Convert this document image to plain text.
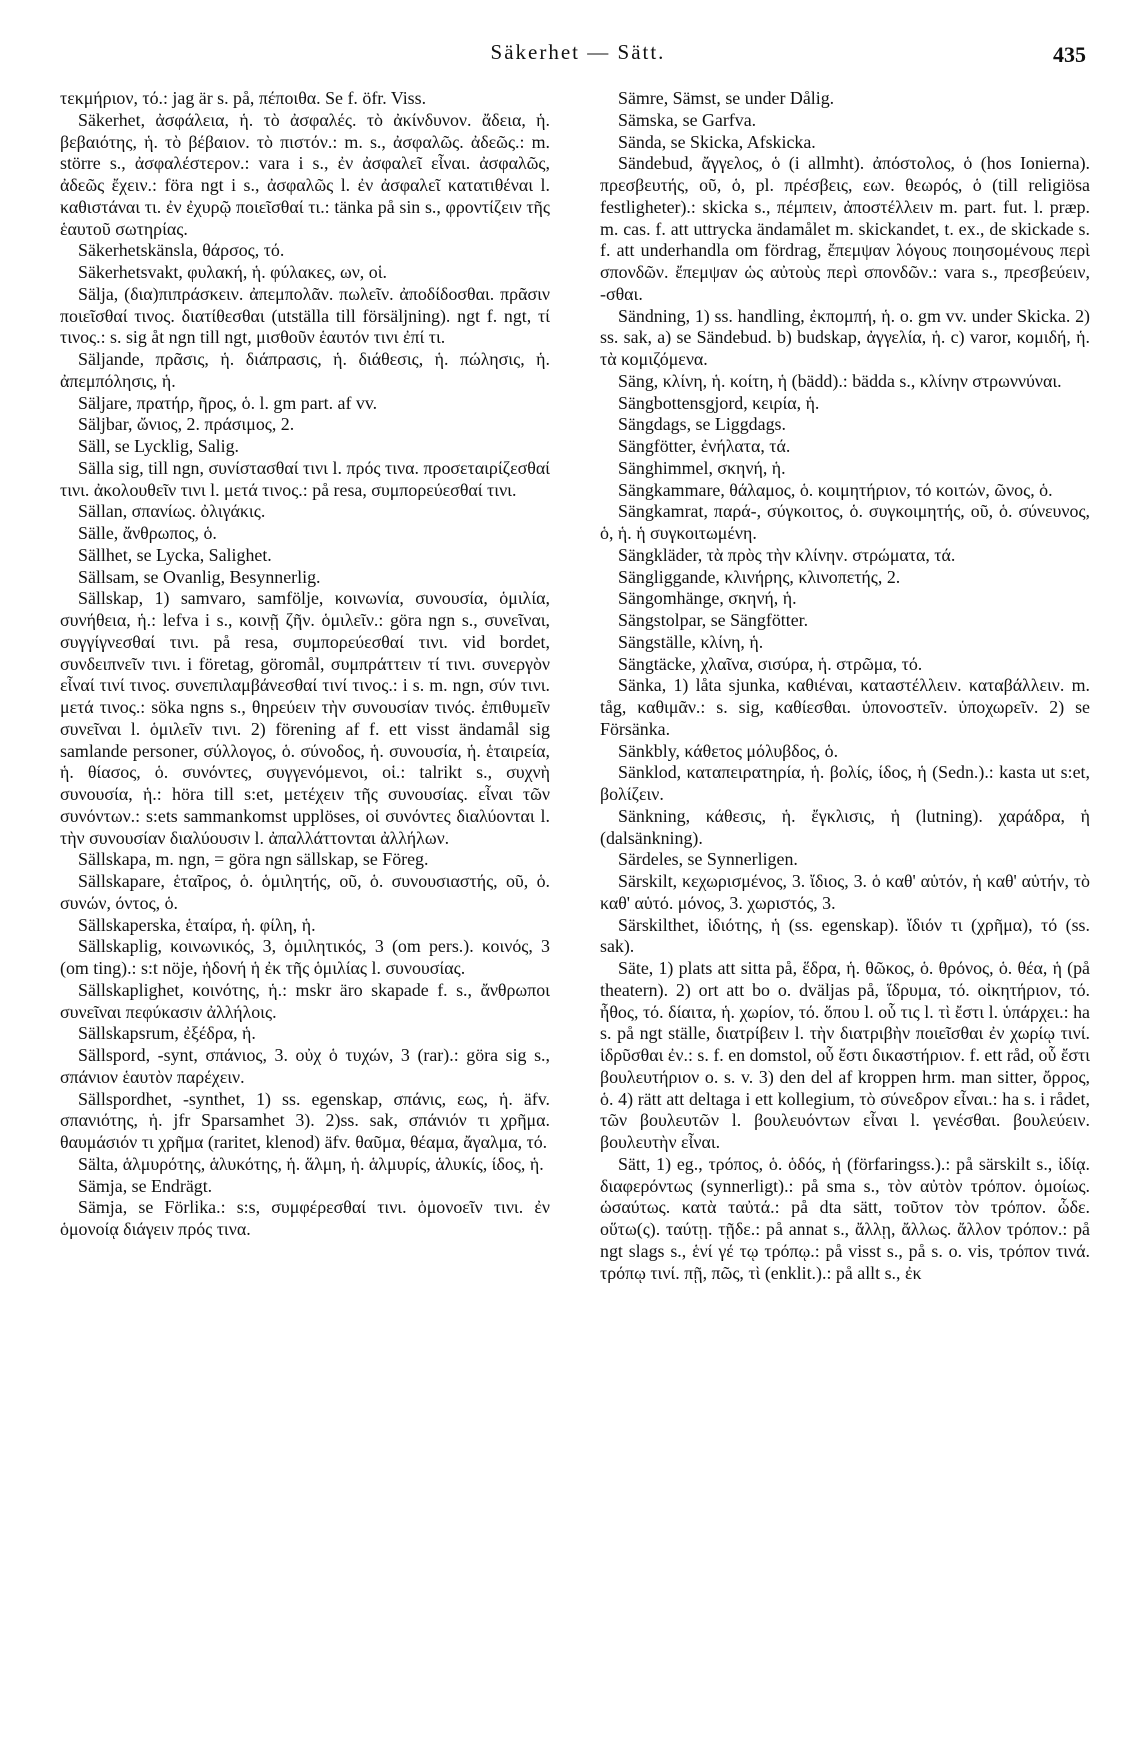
Säkerhet — Sätt.	435

τεκμήριον, τό.: jag är s. på, πέποιθα. Se f. öfr. Viss.

Säkerhet, ἀσφάλεια, ἡ. τὸ ἀσφαλές. τὸ ἀκίνδυνον. ἄδεια, ἡ. βεβαιότης, ἡ. τὸ βέβαιον. τὸ πιστόν.: m. s., ἀσφαλῶς. ἀδεῶς.: m. större s., ἀσφαλέστερον.: vara i s., ἐν ἀσφαλεῖ εἶναι. ἀσφαλῶς, ἀδεῶς ἔχειν.: föra ngt i s., ἀσφαλῶς l. ἐν ἀσφαλεῖ κατατιθέναι l. καθιστάναι τι. ἐν ἐχυρῷ ποιεῖσθαί τι.: tänka på sin s., φροντίζειν τῆς ἑαυτοῦ σωτηρίας.

Säkerhetskänsla, θάρσος, τό.

Säkerhetsvakt, φυλακή, ἡ. φύλακες, ων, οἱ.

Sälja, (δια)πιπράσκειν. ἀπεμπολᾶν. πωλεῖν. ἀποδίδοσθαι. πρᾶσιν ποιεῖσθαί τινος. διατίθεσθαι (utställa till försäljning). ngt f. ngt, τί τινος.: s. sig åt ngn till ngt, μισθοῦν ἑαυτόν τινι ἐπί τι.

Säljande, πρᾶσις, ἡ. διάπρασις, ἡ. διάθεσις, ἡ. πώλησις, ἡ. ἀπεμπόλησις, ἡ.

Säljare, πρατήρ, ῆρος, ὁ. l. gm part. af vv.

Säljbar, ὤνιος, 2. πράσιμος, 2.

Säll, se Lycklig, Salig.

Sälla sig, till ngn, συνίστασθαί τινι l. πρός τινα. προσεταιρίζεσθαί τινι. ἀκολουθεῖν τινι l. μετά τινος.: på resa, συμπορεύεσθαί τινι.

Sällan, σπανίως. ὀλιγάκις.

Sälle, ἄνθρωπος, ὁ.

Sällhet, se Lycka, Salighet.

Sällsam, se Ovanlig, Besynnerlig.

Sällskap, 1) samvaro, samfölje, κοινωνία, συνουσία, ὁμιλία, συνήθεια, ἡ.: lefva i s., κοινῇ ζῆν. ὁμιλεῖν.: göra ngn s., συνεῖναι, συγγίγνεσθαί τινι. på resa, συμπορεύεσθαί τινι. vid bordet, συνδειπνεῖν τινι. i företag, göromål, συμπράττειν τί τινι. συνεργὸν εἶναί τινί τινος. συνεπιλαμβάνεσθαί τινί τινος.: i s. m. ngn, σύν τινι. μετά τινος.: söka ngns s., θηρεύειν τὴν συνουσίαν τινός. ἐπιθυμεῖν συνεῖναι l. ὁμιλεῖν τινι. 2) förening af f. ett visst ändamål sig samlande personer, σύλλογος, ὁ. σύνοδος, ἡ. συνουσία, ἡ. ἑταιρεία, ἡ. θίασος, ὁ. συνόντες, συγγενόμενοι, οἱ.: talrikt s., συχνὴ συνουσία, ἡ.: höra till s:et, μετέχειν τῆς συνουσίας. εἶναι τῶν συνόντων.: s:ets sammankomst upplöses, οἱ συνόντες διαλύονται l. τὴν συνουσίαν διαλύουσιν l. ἀπαλλάττονται ἀλλήλων.

Sällskapa, m. ngn, = göra ngn sällskap, se Föreg.

Sällskapare, ἑταῖρος, ὁ. ὁμιλητής, οῦ, ὁ. συνουσιαστής, οῦ, ὁ. συνών, όντος, ὁ.

Sällskaperska, ἑταίρα, ἡ. φίλη, ἡ.

Sällskaplig, κοινωνικός, 3, ὁμιλητικός, 3 (om pers.). κοινός, 3 (om ting).: s:t nöje, ἡδονή ἡ ἐκ τῆς ὁμιλίας l. συνουσίας.

Sällskaplighet, κοινότης, ἡ.: mskr äro skapade f. s., ἄνθρωποι συνεῖναι πεφύκασιν ἀλλήλοις.

Sällskapsrum, ἐξέδρα, ἡ.

Sällspord, -synt, σπάνιος, 3. οὐχ ὁ τυχών, 3 (rar).: göra sig s., σπάνιον ἑαυτὸν παρέχειν.

Sällspordhet, -synthet, 1) ss. egenskap, σπάνις, εως, ἡ. äfv. σπανιότης, ἡ. jfr Sparsamhet 3). 2)ss. sak, σπάνιόν τι χρῆμα. θαυμάσιόν τι χρῆμα (raritet, klenod) äfv. θαῦμα, θέαμα, ἄγαλμα, τό.

Sälta, ἁλμυρότης, ἁλυκότης, ἡ. ἅλμη, ἡ. ἁλμυρίς, ἁλυκίς, ίδος, ἡ.

Sämja, se Endrägt.

Sämja, se Förlika.: s:s, συμφέρεσθαί τινι. ὁμονοεῖν τινι. ἐν ὁμονοίᾳ διάγειν πρός τινα.

Sämre, Sämst, se under Dålig.

Sämska, se Garfva.

Sända, se Skicka, Afskicka.

Sändebud, ἄγγελος, ὁ (i allmht). ἀπόστολος, ὁ (hos Ionierna). πρεσβευτής, οῦ, ὁ, pl. πρέσβεις, εων. θεωρός, ὁ (till religiösa festligheter).: skicka s., πέμπειν, ἀποστέλλειν m. part. fut. l. præp. m. cas. f. att uttrycka ändamålet m. skickandet, t. ex., de skickade s. f. att underhandla om fördrag, ἔπεμψαν λόγους ποιησομένους περὶ σπονδῶν. ἔπεμψαν ὡς αὐτοὺς περὶ σπονδῶν.: vara s., πρεσβεύειν, -σθαι.

Sändning, 1) ss. handling, ἐκπομπή, ἡ. o. gm vv. under Skicka. 2) ss. sak, a) se Sändebud. b) budskap, ἀγγελία, ἡ. c) varor, κομιδή, ἡ. τὰ κομιζόμενα.

Säng, κλίνη, ἡ. κοίτη, ἡ (bädd).: bädda s., κλίνην στρωννύναι.

Sängbottensgjord, κειρία, ἡ.

Sängdags, se Liggdags.

Sängfötter, ἐνήλατα, τά.

Sänghimmel, σκηνή, ἡ.

Sängkammare, θάλαμος, ὁ. κοιμητήριον, τό κοιτών, ῶνος, ὁ.

Sängkamrat, παρά-, σύγκοιτος, ὁ. συγκοιμητής, οῦ, ὁ. σύνευνος, ὁ, ἡ. ἡ συγκοιτωμένη.

Sängkläder, τὰ πρὸς τὴν κλίνην. στρώματα, τά.

Sängliggande, κλινήρης, κλινοπετής, 2.

Sängomhänge, σκηνή, ἡ.

Sängstolpar, se Sängfötter.

Sängställe, κλίνη, ἡ.

Sängtäcke, χλαῖνα, σισύρα, ἡ. στρῶμα, τό.

Sänka, 1) låta sjunka, καθιέναι, καταστέλλειν. καταβάλλειν. m. tåg, καθιμᾶν.: s. sig, καθίεσθαι. ὑπονοστεῖν. ὑποχωρεῖν. 2) se Försänka.

Sänkbly, κάθετος μόλυβδος, ὁ.

Sänklod, καταπειρατηρία, ἡ. βολίς, ίδος, ἡ (Sedn.).: kasta ut s:et, βολίζειν.

Sänkning, κάθεσις, ἡ. ἔγκλισις, ἡ (lutning). χαράδρα, ἡ (dalsänkning).

Särdeles, se Synnerligen.

Särskilt, κεχωρισμένος, 3. ἴδιος, 3. ὁ καθ' αὑτόν, ἡ καθ' αὑτήν, τὸ καθ' αὑτό. μόνος, 3. χωριστός, 3.

Särskilthet, ἰδιότης, ἡ (ss. egenskap). ἴδιόν τι (χρῆμα), τό (ss. sak).

Säte, 1) plats att sitta på, ἕδρα, ἡ. θῶκος, ὁ. θρόνος, ὁ. θέα, ἡ (på theatern). 2) ort att bo o. dväljas på, ἵδρυμα, τό. οἰκητήριον, τό. ἦθος, τό. δίαιτα, ἡ. χωρίον, τό. ὅπου l. οὗ τις l. τὶ ἔστι l. ὑπάρχει.: ha s. på ngt ställe, διατρίβειν l. τὴν διατριβὴν ποιεῖσθαι ἐν χωρίῳ τινί. ἱδρῦσθαι ἐν.: s. f. en domstol, οὗ ἔστι δικαστήριον. f. ett råd, οὗ ἔστι βουλευτήριον o. s. v. 3) den del af kroppen hrm. man sitter, ὄρρος, ὁ. 4) rätt att deltaga i ett kollegium, τὸ σύνεδρον εἶναι.: ha s. i rådet, τῶν βουλευτῶν l. βουλευόντων εἶναι l. γενέσθαι. βουλεύειν. βουλευτὴν εἶναι.

Sätt, 1) eg., τρόπος, ὁ. ὁδός, ἡ (förfaringss.).: på särskilt s., ἰδίᾳ. διαφερόντως (synnerligt).: på sma s., τὸν αὐτὸν τρόπον. ὁμοίως. ὡσαύτως. κατὰ ταὐτά.: på dta sätt, τοῦτον τὸν τρόπον. ὧδε. οὕτω(ς). ταύτῃ. τῇδε.: på annat s., ἄλλῃ, ἄλλως. ἄλλον τρόπον.: på ngt slags s., ἑνί γέ τῳ τρόπῳ.: på visst s., på s. o. vis, τρόπον τινά. τρόπῳ τινί. πῇ, πῶς, τὶ (enklit.).: på allt s., ἐκ
